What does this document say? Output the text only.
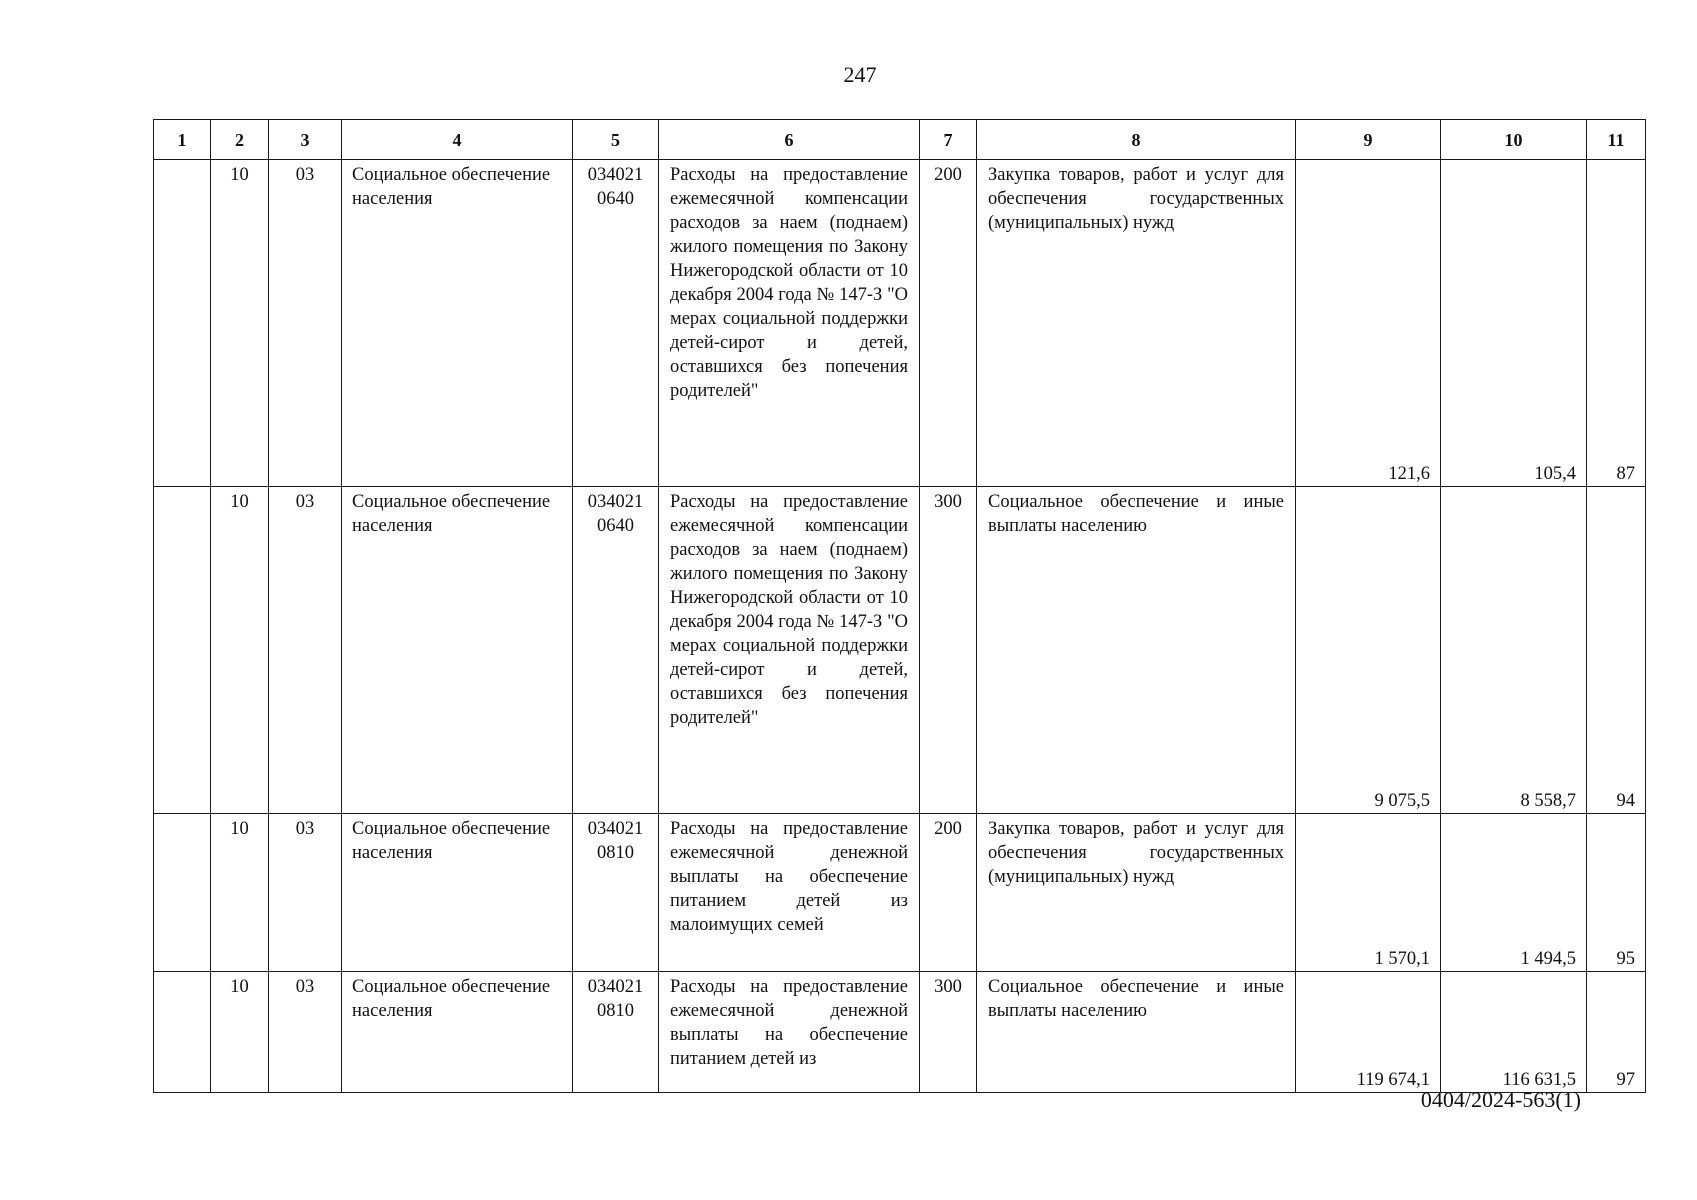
247
1	2	3	4	5	6	7	8	9	10	11
	10	03	Социальное обеспечение населения	034021 0640	Расходы на предоставление ежемесячной компенсации расходов за наем (поднаем) жилого помещения по Закону Нижегородской области от 10 декабря 2004 года № 147-З "О мерах социальной поддержки детей-сирот и детей, оставшихся без попечения родителей"	200	Закупка товаров, работ и услуг для обеспечения государственных (муниципальных) нужд	121,6	105,4	87
	10	03	Социальное обеспечение населения	034021 0640	Расходы на предоставление ежемесячной компенсации расходов за наем (поднаем) жилого помещения по Закону Нижегородской области от 10 декабря 2004 года № 147-З "О мерах социальной поддержки детей-сирот и детей, оставшихся без попечения родителей"	300	Социальное обеспечение и иные выплаты населению	9 075,5	8 558,7	94
	10	03	Социальное обеспечение населения	034021 0810	Расходы на предоставление ежемесячной денежной выплаты на обеспечение питанием детей из малоимущих семей	200	Закупка товаров, работ и услуг для обеспечения государственных (муниципальных) нужд	1 570,1	1 494,5	95
	10	03	Социальное обеспечение населения	034021 0810	Расходы на предоставление ежемесячной денежной выплаты на обеспечение питанием детей из	300	Социальное обеспечение и иные выплаты населению	119 674,1	116 631,5	97
0404/2024-563(1)
